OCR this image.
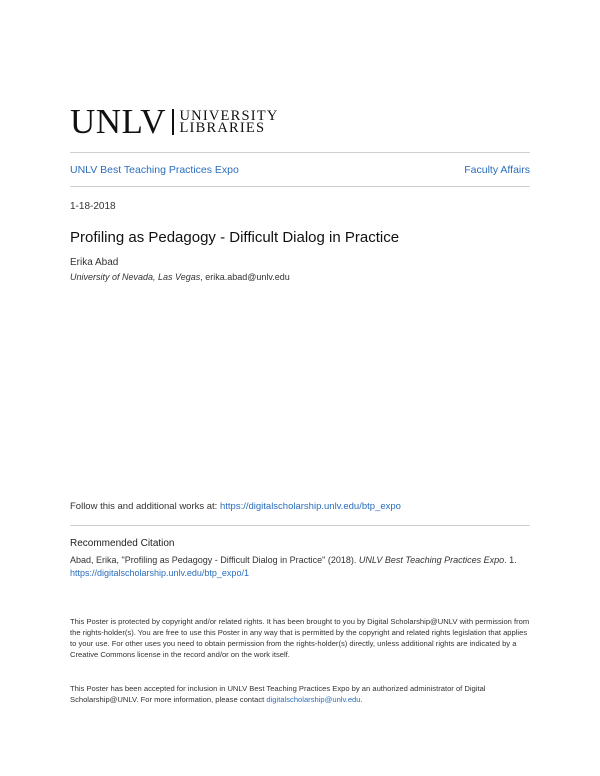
UNLV UNIVERSITY
LIBRARIES
UNLV Best Teaching Practices Expo	Faculty Affairs
1-18-2018
Profiling as Pedagogy - Difficult Dialog in Practice
Erika Abad
University of Nevada, Las Vegas, erika.abad@unlv.edu
Follow this and additional works at: https://digitalscholarship.unlv.edu/btp_expo
Recommended Citation
Abad, Erika, "Profiling as Pedagogy - Difficult Dialog in Practice" (2018). UNLV Best Teaching Practices Expo. 1.
https://digitalscholarship.unlv.edu/btp_expo/1
This Poster is protected by copyright and/or related rights. It has been brought to you by Digital Scholarship@UNLV with permission from the rights-holder(s). You are free to use this Poster in any way that is permitted by the copyright and related rights legislation that applies to your use. For other uses you need to obtain permission from the rights-holder(s) directly, unless additional rights are indicated by a Creative Commons license in the record and/or on the work itself.
This Poster has been accepted for inclusion in UNLV Best Teaching Practices Expo by an authorized administrator of Digital Scholarship@UNLV. For more information, please contact digitalscholarship@unlv.edu.
